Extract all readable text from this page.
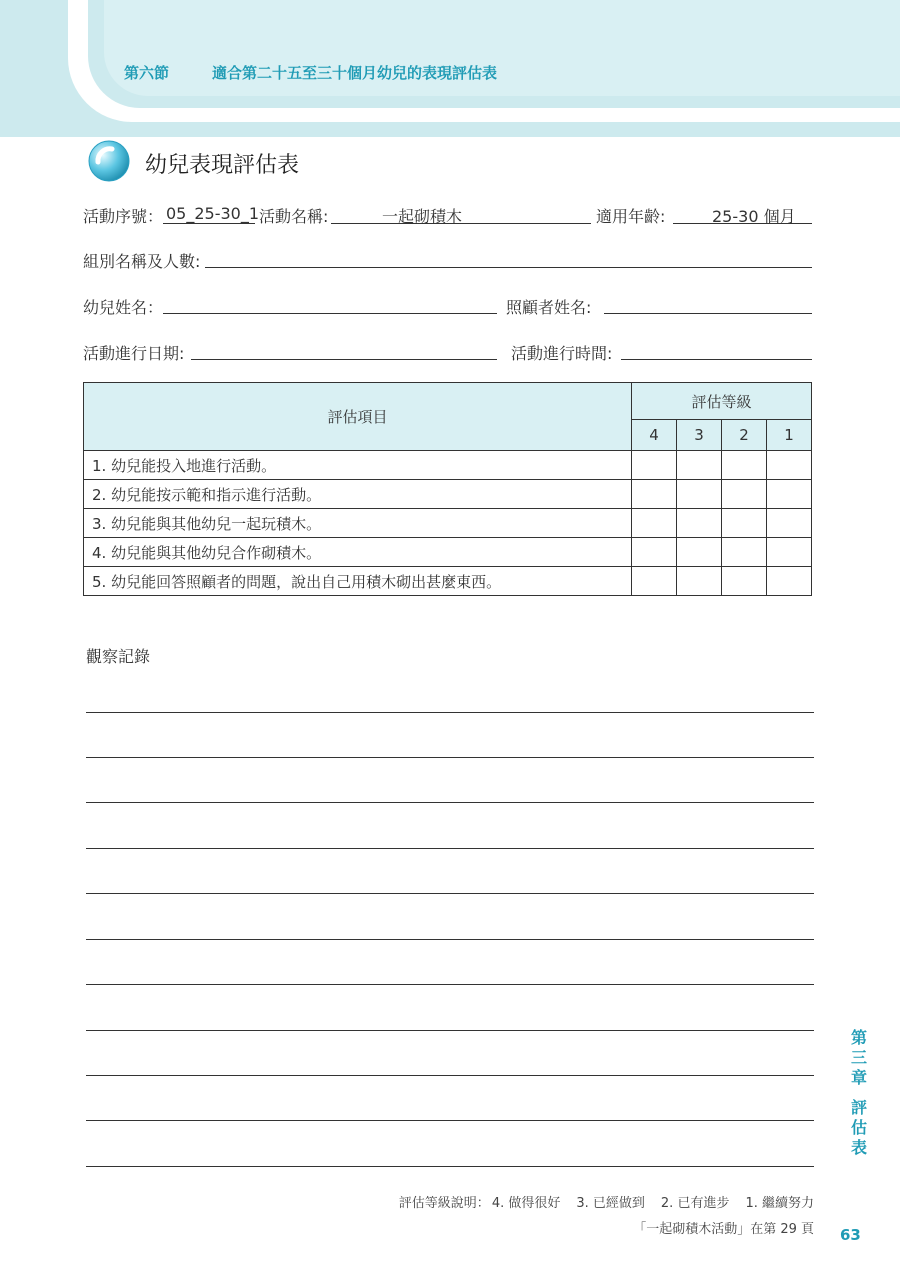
第六節	適合第二十五至三十個月幼兒的表現評估表
幼兒表現評估表
活動序號： 05_25-30_1 活動名稱:	一起砌積木	適用年齡:	25-30 個月
組別名稱及人數:
幼兒姓名：	照顧者姓名:
活動進行日期:	活動進行時間:
評估項目	評估等級			
	4	3	2	1
1. 幼兒能投入地進行活動。				
2. 幼兒能按示範和指示進行活動。				
3. 幼兒能與其他幼兒一起玩積木。				
4. 幼兒能與其他幼兒合作砌積木。				
5. 幼兒能回答照顧者的問題，說出自己用積木砌出甚麼東西。				
觀察記錄
第三章
評估表
評估等級說明： 4. 做得很好 3. 已經做到 2. 已有進步 1. 繼續努力
「一起砌積木活動」在第 29 頁 63
